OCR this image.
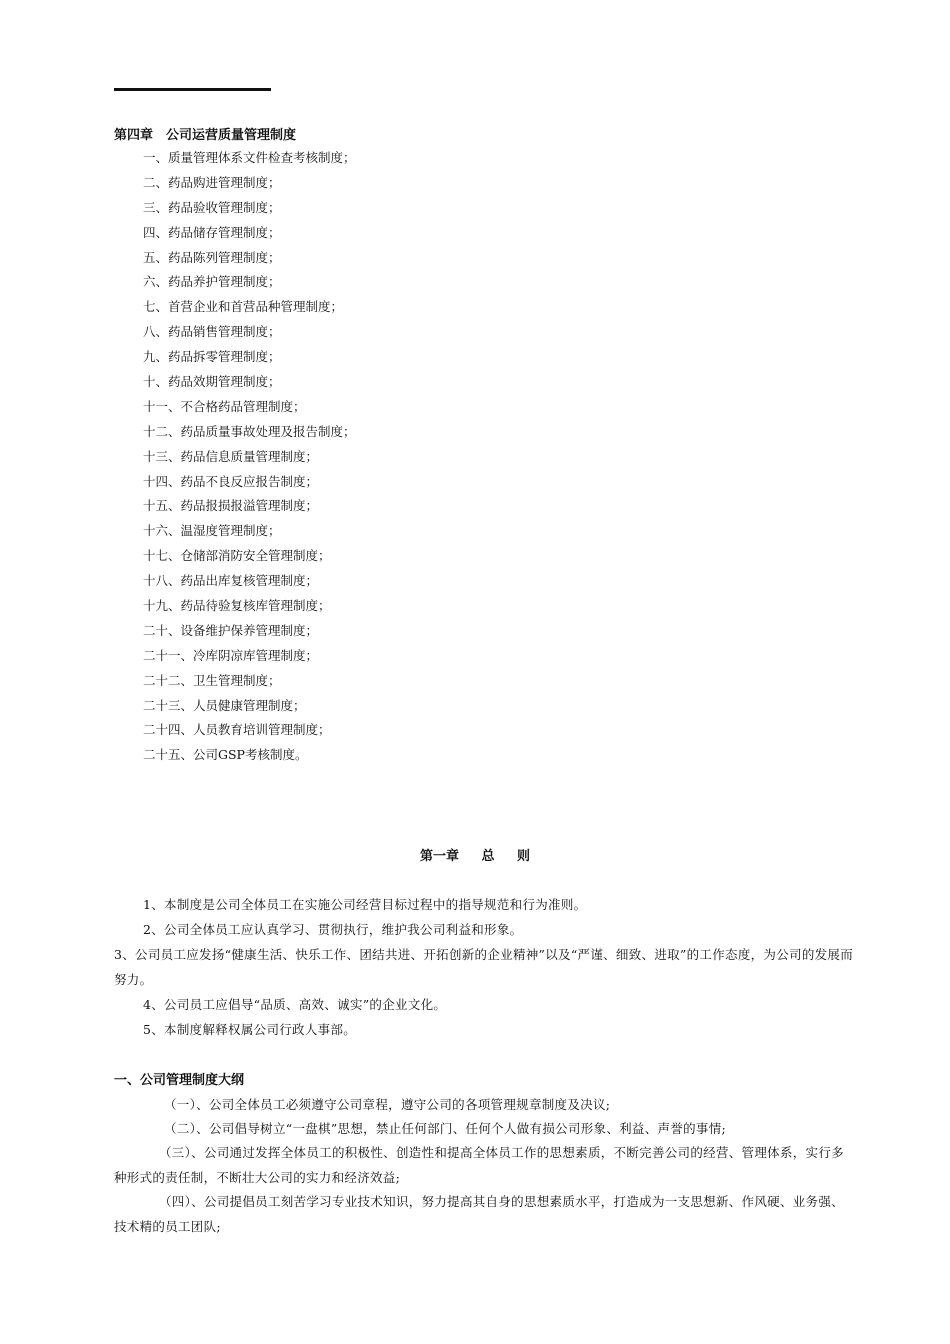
第四章　公司运营质量管理制度
一、质量管理体系文件检查考核制度；
二、药品购进管理制度；
三、药品验收管理制度；
四、药品储存管理制度；
五、药品陈列管理制度；
六、药品养护管理制度；
七、首营企业和首营品种管理制度；
八、药品销售管理制度；
九、药品拆零管理制度；
十、药品效期管理制度；
十一、不合格药品管理制度；
十二、药品质量事故处理及报告制度；
十三、药品信息质量管理制度；
十四、药品不良反应报告制度；
十五、药品报损报溢管理制度；
十六、温湿度管理制度；
十七、仓储部消防安全管理制度；
十八、药品出库复核管理制度；
十九、药品待验复核库管理制度；
二十、设备维护保养管理制度；
二十一、冷库阴凉库管理制度；
二十二、卫生管理制度；
二十三、人员健康管理制度；
二十四、人员教育培训管理制度；
二十五、公司GSP考核制度。
第一章 总 则
1、本制度是公司全体员工在实施公司经营目标过程中的指导规范和行为准则。
2、公司全体员工应认真学习、贯彻执行，维护我公司利益和形象。
3、公司员工应发扬“健康生活、快乐工作、团结共进、开拓创新的企业精神”以及“严谨、细致、进取”的工作态度，为公司的发展而努力。
4、公司员工应倡导“品质、高效、诚实”的企业文化。
5、本制度解释权属公司行政人事部。
一、公司管理制度大纲
（一）、公司全体员工必须遵守公司章程，遵守公司的各项管理规章制度及决议;
（二）、公司倡导树立“一盘棋”思想，禁止任何部门、任何个人做有损公司形象、利益、声誉的事情;
（三）、公司通过发挥全体员工的积极性、创造性和提高全体员工作的思想素质，不断完善公司的经营、管理体系，实行多种形式的责任制，不断壮大公司的实力和经济效益;
（四）、公司提倡员工刻苦学习专业技术知识，努力提高其自身的思想素质水平，打造成为一支思想新、作风硬、业务强、技术精的员工团队;
